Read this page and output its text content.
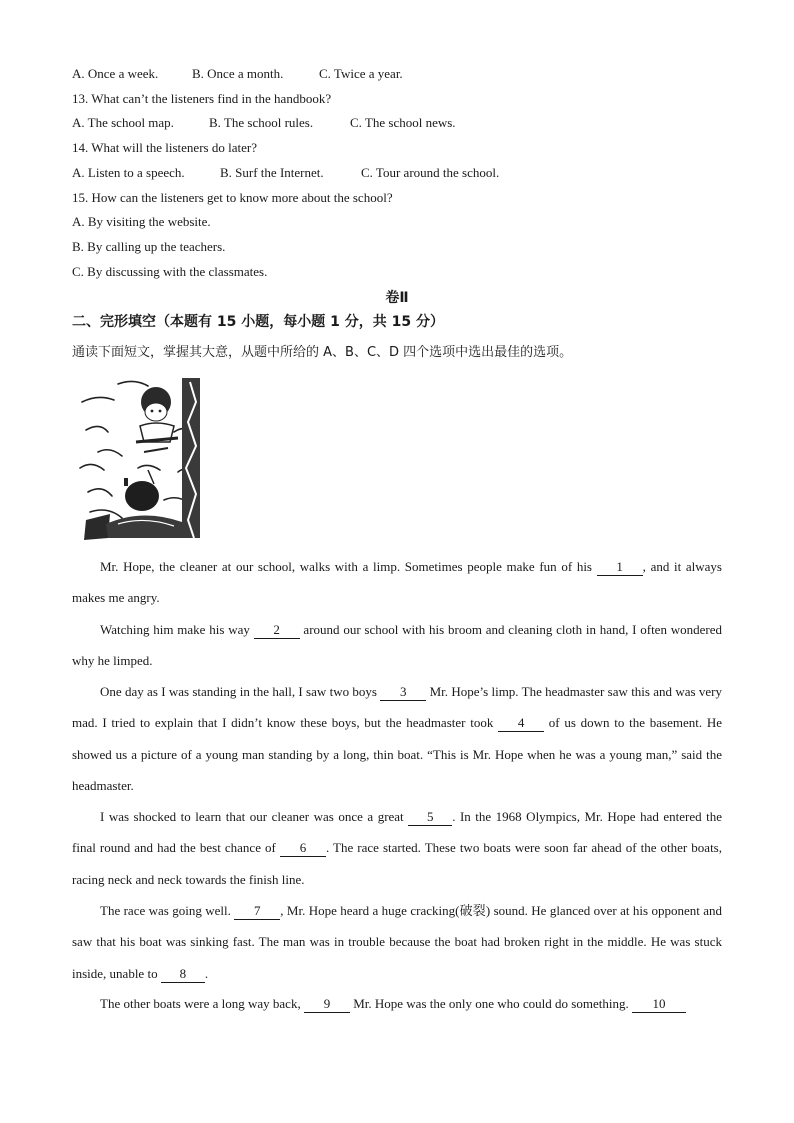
A. Once a week.	B. Once a month.	C. Twice a year.
13. What can’t the listeners find in the handbook?
A. The school map.	B. The school rules.	C. The school news.
14. What will the listeners do later?
A. Listen to a speech.	B. Surf the Internet.	C. Tour around the school.
15. How can the listeners get to know more about the school?
A. By visiting the website.
B. By calling up the teachers.
C. By discussing with the classmates.
卷Ⅱ
二、完形填空（本题有 15 小题，每小题 1 分，共 15 分）
通读下面短文，掌握其大意，从题中所给的 A、B、C、D 四个选项中选出最佳的选项。

Mr. Hope, the cleaner at our school, walks with a limp. Sometimes people make fun of his 1 , and it always makes me angry.

Watching him make his way 2 around our school with his broom and cleaning cloth in hand, I often wondered why he limped.

One day as I was standing in the hall, I saw two boys 3 Mr. Hope’s limp. The headmaster saw this and was very mad. I tried to explain that I didn’t know these boys, but the headmaster took 4 of us down to the basement. He showed us a picture of a young man standing by a long, thin boat. “This is Mr. Hope when he was a young man,” said the headmaster.

I was shocked to learn that our cleaner was once a great 5 . In the 1968 Olympics, Mr. Hope had entered the final round and had the best chance of 6 . The race started. These two boats were soon far ahead of the other boats, racing neck and neck towards the finish line.

The race was going well. 7 , Mr. Hope heard a huge cracking(破裂) sound. He glanced over at his opponent and saw that his boat was sinking fast. The man was in trouble because the boat had broken right in the middle. He was stuck inside, unable to 8 .

The other boats were a long way back, 9 Mr. Hope was the only one who could do something. 10
